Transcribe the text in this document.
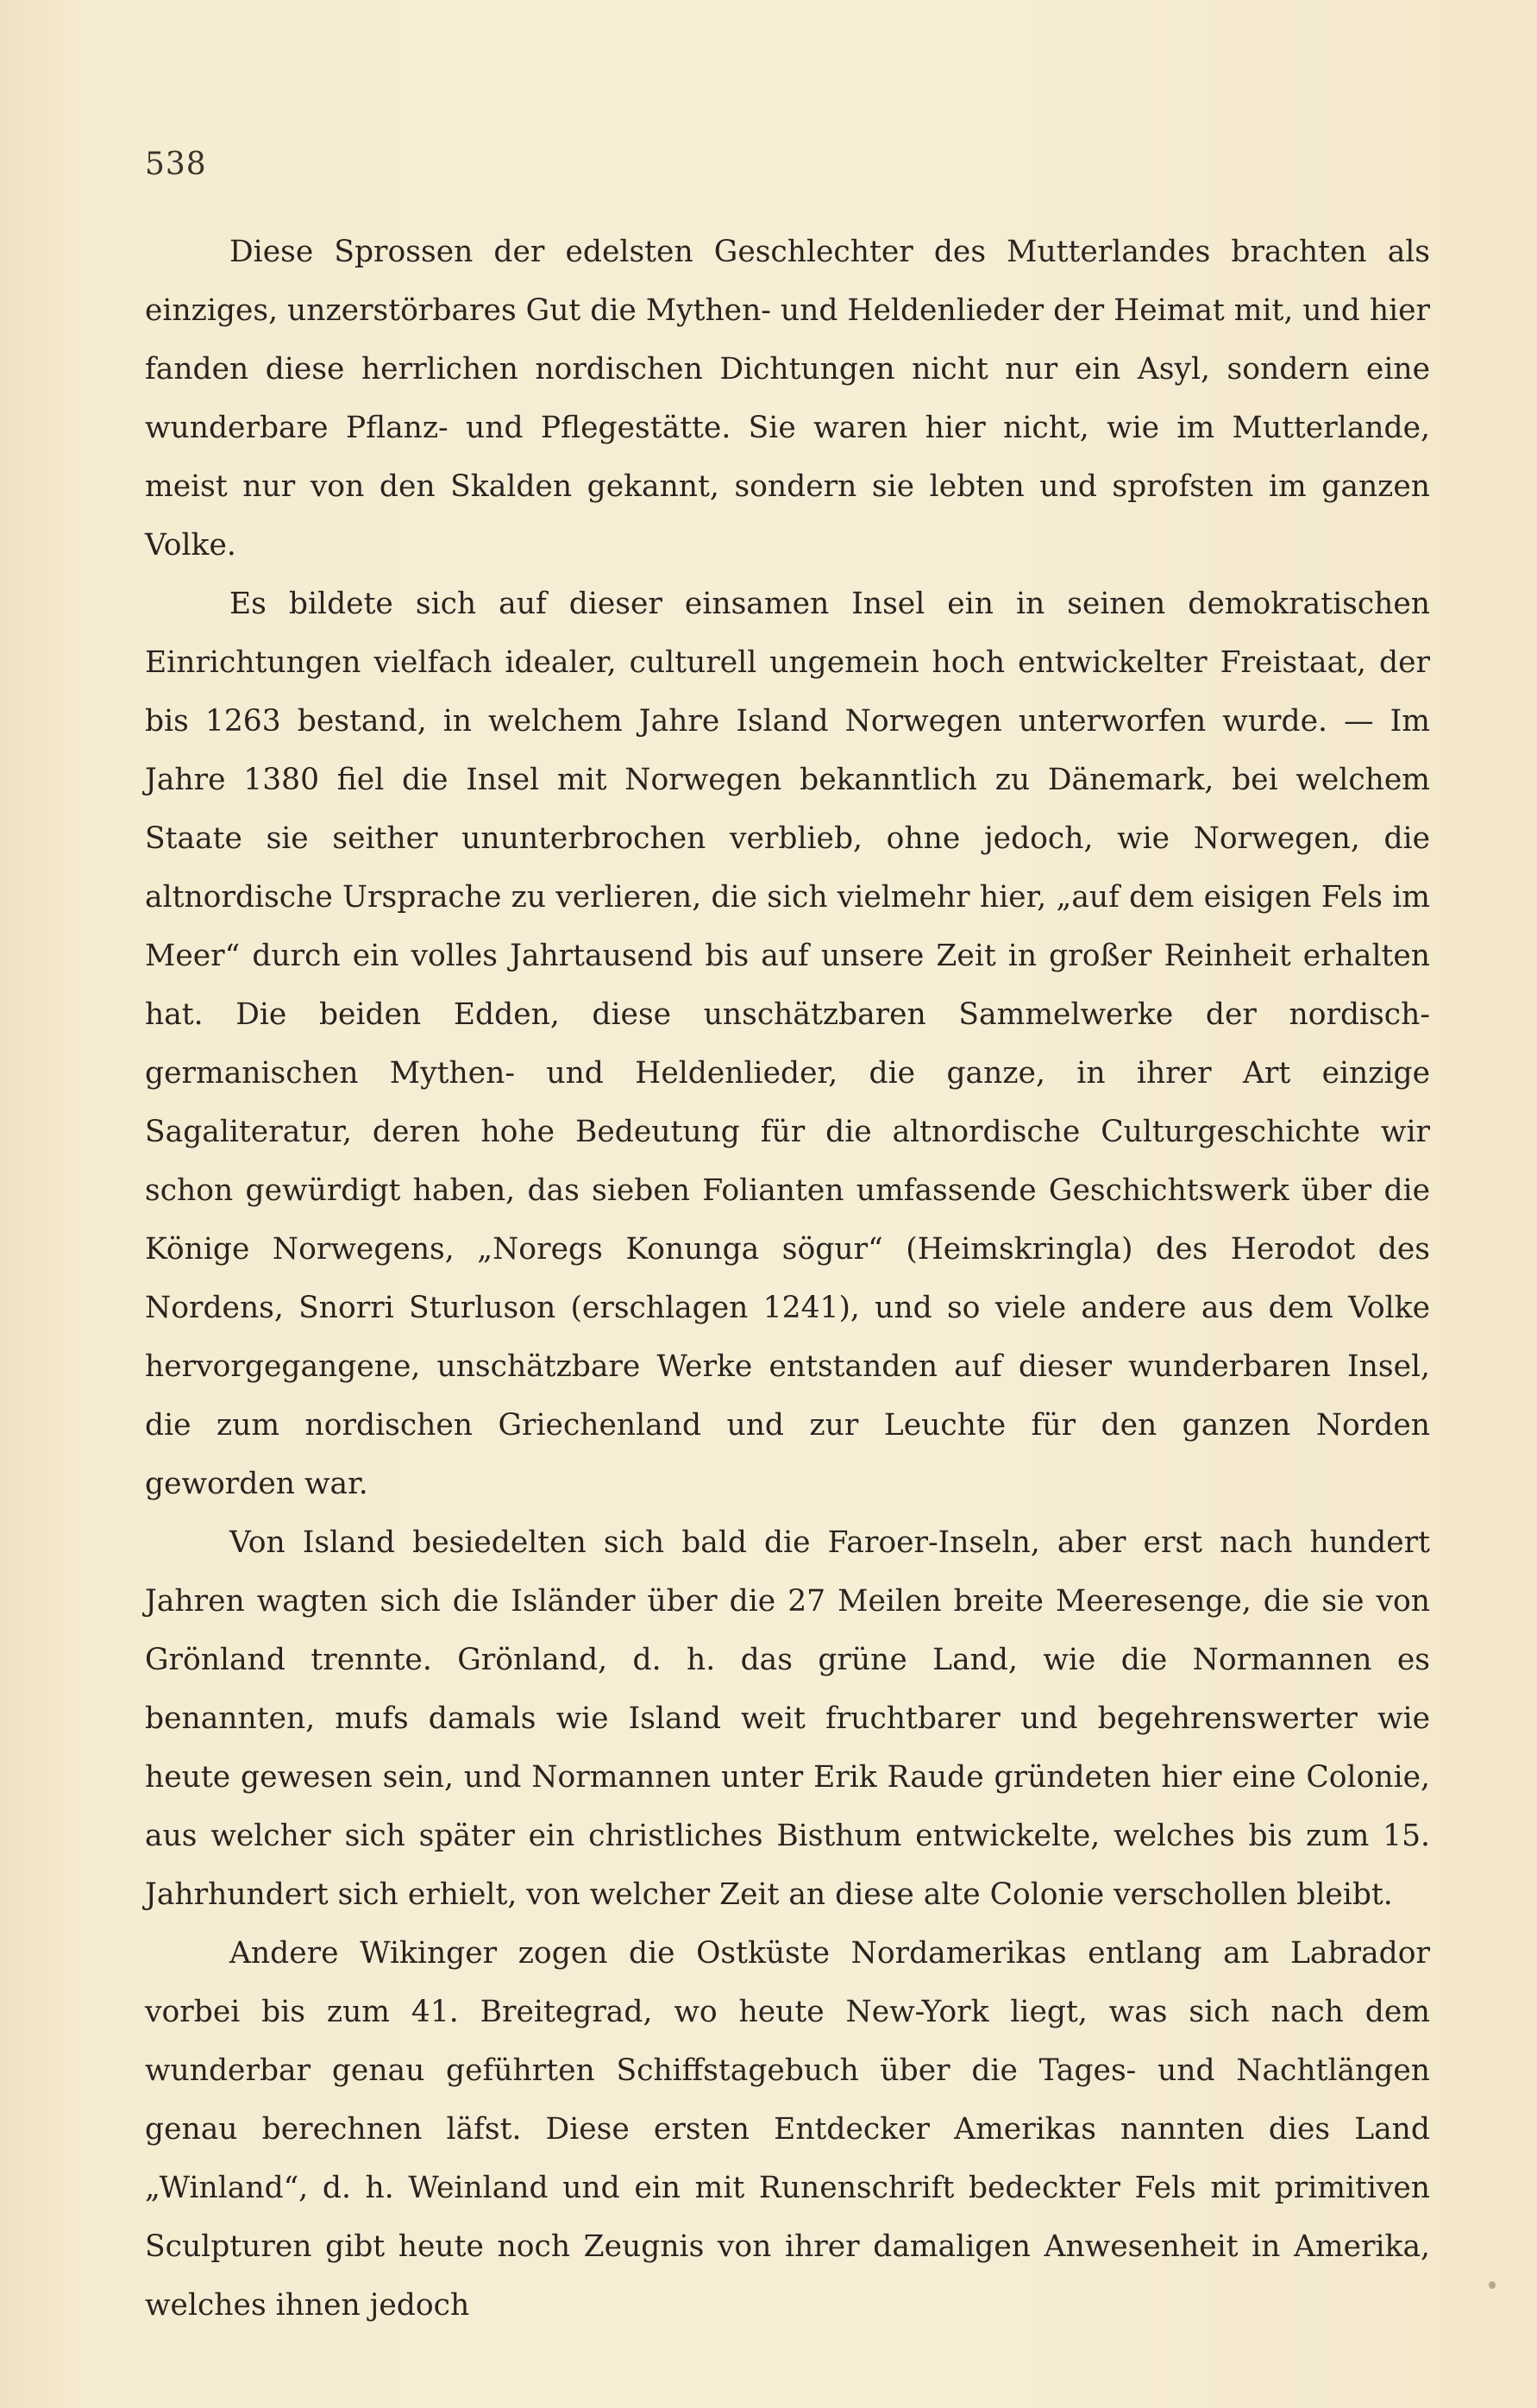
538

Diese Sprossen der edelsten Geschlechter des Mutterlandes brachten als einziges, unzerstörbares Gut die Mythen- und Heldenlieder der Heimat mit, und hier fanden diese herrlichen nordischen Dichtungen nicht nur ein Asyl, sondern eine wunderbare Pflanz- und Pflegestätte. Sie waren hier nicht, wie im Mutterlande, meist nur von den Skalden gekannt, sondern sie lebten und sprofsten im ganzen Volke.

Es bildete sich auf dieser einsamen Insel ein in seinen demokratischen Einrichtungen vielfach idealer, culturell ungemein hoch entwickelter Freistaat, der bis 1263 bestand, in welchem Jahre Island Norwegen unterworfen wurde. — Im Jahre 1380 fiel die Insel mit Norwegen bekanntlich zu Dänemark, bei welchem Staate sie seither ununterbrochen verblieb, ohne jedoch, wie Norwegen, die altnordische Ursprache zu verlieren, die sich vielmehr hier, „auf dem eisigen Fels im Meer“ durch ein volles Jahrtausend bis auf unsere Zeit in großer Reinheit erhalten hat. Die beiden Edden, diese unschätzbaren Sammelwerke der nordisch-germanischen Mythen- und Heldenlieder, die ganze, in ihrer Art einzige Sagaliteratur, deren hohe Bedeutung für die altnordische Culturgeschichte wir schon gewürdigt haben, das sieben Folianten umfassende Geschichtswerk über die Könige Norwegens, „Noregs Konunga sögur“ (Heimskringla) des Herodot des Nordens, Snorri Sturluson (erschlagen 1241), und so viele andere aus dem Volke hervorgegangene, unschätzbare Werke entstanden auf dieser wunderbaren Insel, die zum nordischen Griechenland und zur Leuchte für den ganzen Norden geworden war.

Von Island besiedelten sich bald die Faroer-Inseln, aber erst nach hundert Jahren wagten sich die Isländer über die 27 Meilen breite Meeresenge, die sie von Grönland trennte. Grönland, d. h. das grüne Land, wie die Normannen es benannten, mufs damals wie Island weit fruchtbarer und begehrenswerter wie heute gewesen sein, und Normannen unter Erik Raude gründeten hier eine Colonie, aus welcher sich später ein christliches Bisthum entwickelte, welches bis zum 15. Jahrhundert sich erhielt, von welcher Zeit an diese alte Colonie verschollen bleibt.

Andere Wikinger zogen die Ostküste Nordamerikas entlang am Labrador vorbei bis zum 41. Breitegrad, wo heute New-York liegt, was sich nach dem wunderbar genau geführten Schiffstagebuch über die Tages- und Nachtlängen genau berechnen läfst. Diese ersten Entdecker Amerikas nannten dies Land „Winland“, d. h. Weinland und ein mit Runenschrift bedeckter Fels mit primitiven Sculpturen gibt heute noch Zeugnis von ihrer damaligen Anwesenheit in Amerika, welches ihnen jedoch
